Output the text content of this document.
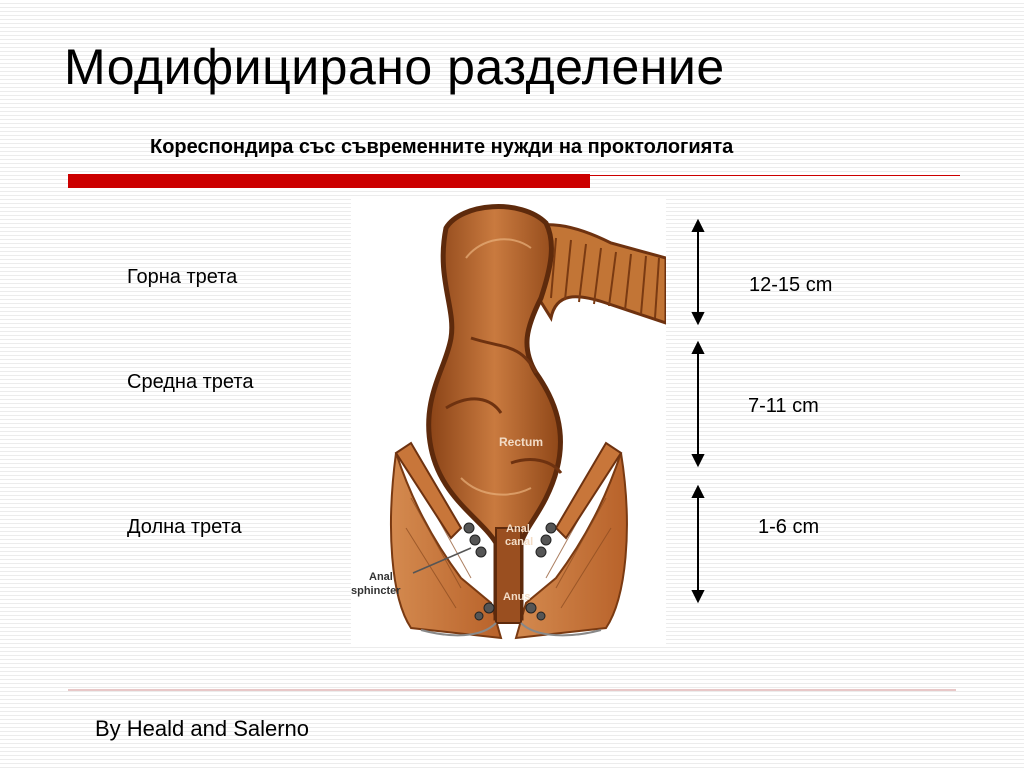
Модифицирано разделение
Кореспондира със съвременните нужди на проктологията
Горна трета
Средна трета
Долна трета
Rectum
Anal
canal
Anus
Anal
sphincter
12-15 cm
7-11 cm
1-6 cm
By Heald and Salerno
